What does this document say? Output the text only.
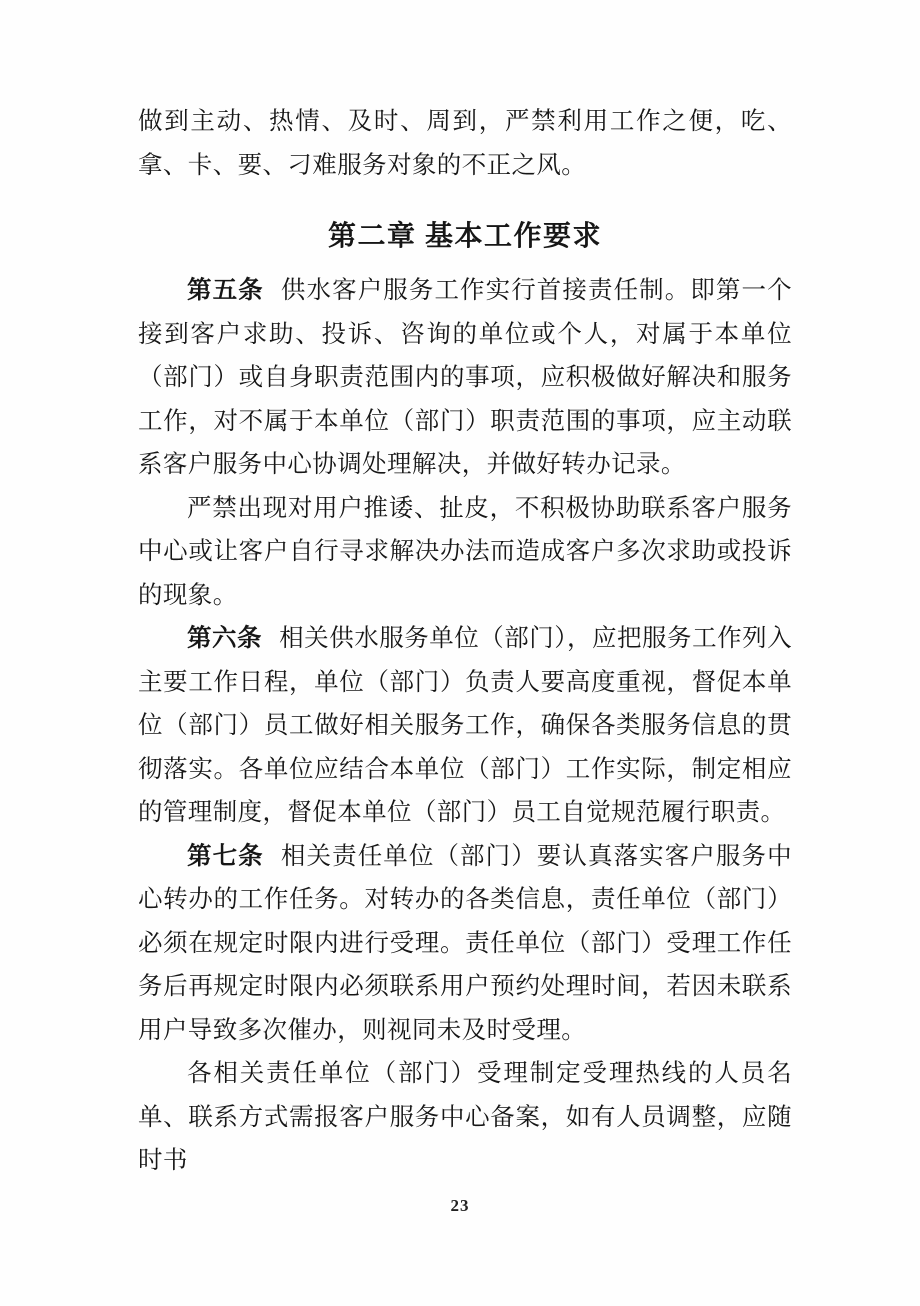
做到主动、热情、及时、周到，严禁利用工作之便，吃、拿、卡、要、刁难服务对象的不正之风。

第二章 基本工作要求

第五条 供水客户服务工作实行首接责任制。即第一个接到客户求助、投诉、咨询的单位或个人，对属于本单位（部门）或自身职责范围内的事项，应积极做好解决和服务工作，对不属于本单位（部门）职责范围的事项，应主动联系客户服务中心协调处理解决，并做好转办记录。

严禁出现对用户推诿、扯皮，不积极协助联系客户服务中心或让客户自行寻求解决办法而造成客户多次求助或投诉的现象。

第六条 相关供水服务单位（部门），应把服务工作列入主要工作日程，单位（部门）负责人要高度重视，督促本单位（部门）员工做好相关服务工作，确保各类服务信息的贯彻落实。各单位应结合本单位（部门）工作实际，制定相应的管理制度，督促本单位（部门）员工自觉规范履行职责。

第七条 相关责任单位（部门）要认真落实客户服务中心转办的工作任务。对转办的各类信息，责任单位（部门）必须在规定时限内进行受理。责任单位（部门）受理工作任务后再规定时限内必须联系用户预约处理时间，若因未联系用户导致多次催办，则视同未及时受理。

各相关责任单位（部门）受理制定受理热线的人员名单、联系方式需报客户服务中心备案，如有人员调整，应随时书

23
